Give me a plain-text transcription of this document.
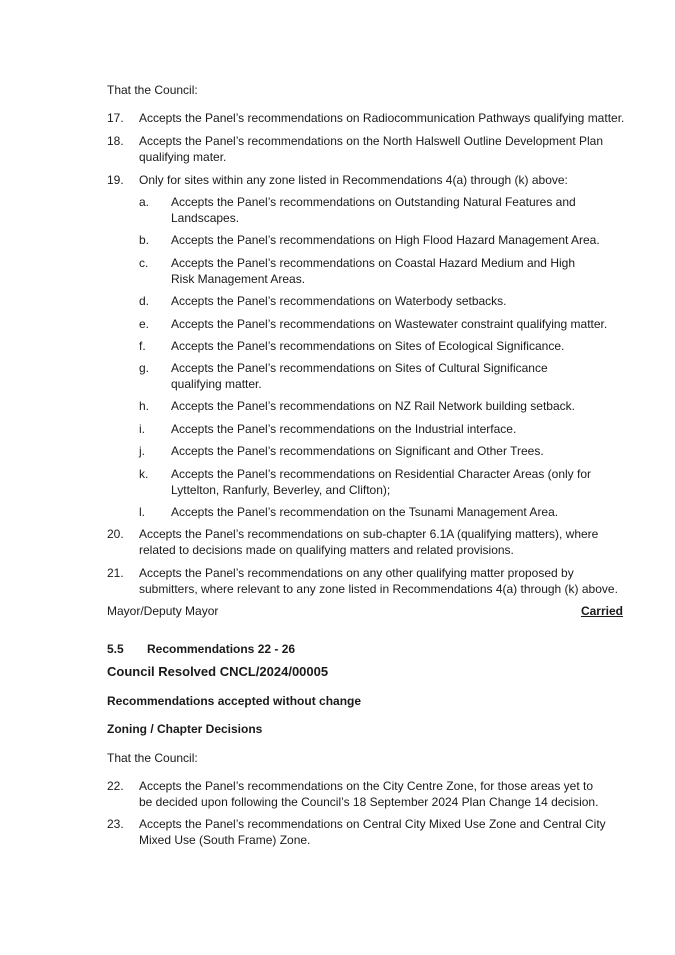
That the Council:
17. Accepts the Panel’s recommendations on Radiocommunication Pathways qualifying matter.
18. Accepts the Panel’s recommendations on the North Halswell Outline Development Plan qualifying mater.
19. Only for sites within any zone listed in Recommendations 4(a) through (k) above:
a. Accepts the Panel’s recommendations on Outstanding Natural Features and Landscapes.
b. Accepts the Panel’s recommendations on High Flood Hazard Management Area.
c. Accepts the Panel’s recommendations on Coastal Hazard Medium and High Risk Management Areas.
d. Accepts the Panel’s recommendations on Waterbody setbacks.
e. Accepts the Panel’s recommendations on Wastewater constraint qualifying matter.
f. Accepts the Panel’s recommendations on Sites of Ecological Significance.
g. Accepts the Panel’s recommendations on Sites of Cultural Significance qualifying matter.
h. Accepts the Panel’s recommendations on NZ Rail Network building setback.
i. Accepts the Panel’s recommendations on the Industrial interface.
j. Accepts the Panel’s recommendations on Significant and Other Trees.
k. Accepts the Panel’s recommendations on Residential Character Areas (only for Lyttelton, Ranfurly, Beverley, and Clifton);
l. Accepts the Panel’s recommendation on the Tsunami Management Area.
20. Accepts the Panel’s recommendations on sub-chapter 6.1A (qualifying matters), where related to decisions made on qualifying matters and related provisions.
21. Accepts the Panel’s recommendations on any other qualifying matter proposed by submitters, where relevant to any zone listed in Recommendations 4(a) through (k) above.
Mayor/Deputy Mayor	Carried
5.5 Recommendations 22 - 26
Council Resolved CNCL/2024/00005
Recommendations accepted without change
Zoning / Chapter Decisions
That the Council:
22. Accepts the Panel’s recommendations on the City Centre Zone, for those areas yet to be decided upon following the Council’s 18 September 2024 Plan Change 14 decision.
23. Accepts the Panel’s recommendations on Central City Mixed Use Zone and Central City Mixed Use (South Frame) Zone.
